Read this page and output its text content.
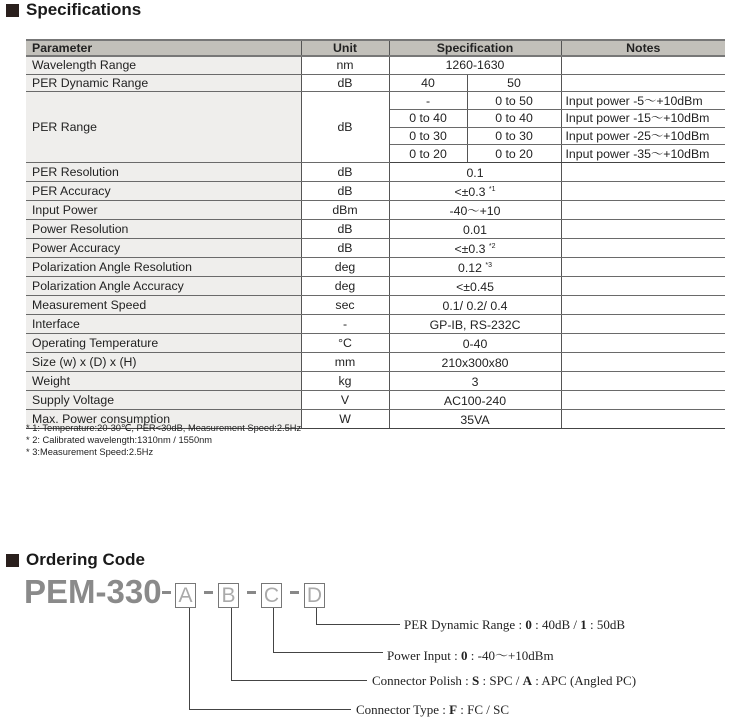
Specifications
Parameter	Unit	Specification		Notes
Wavelength Range	nm	1260-1630		
PER Dynamic Range	dB	40	50	
PER Range	dB	-	0 to 50	Input power -5～+10dBm
		0 to 40	0 to 40	Input power -15～+10dBm
		0 to 30	0 to 30	Input power -25～+10dBm
		0 to 20	0 to 20	Input power -35～+10dBm
PER Resolution	dB	0.1		
PER Accuracy	dB	<±0.3 $^{*1}$	
Input Power	dBm	-40～+10		
Power Resolution	dB	0.01		
Power Accuracy	dB	<±0.3 $^{*2}$	
Polarization Angle Resolution	deg	0.12 $^{*3}$	
Polarization Angle Accuracy	deg	<±0.45		
Measurement Speed	sec	0.1/ 0.2/ 0.4		
Interface	-	GP-IB, RS-232C		
Operating Temperature	°C	0-40		
Size (w) x (D) x (H)	mm	210x300x80		
Weight	kg	3		
Supply Voltage	V	AC100-240		
Max. Power consumption	W	35VA		
* 1: Temperature:20-30℃, PER<30dB, Measurement Speed:2.5Hz
* 2: Calibrated wavelength:1310nm / 1550nm
* 3:Measurement Speed:2.5Hz
Ordering Code
PEM-330 A B C D
PER Dynamic Range : 0 : 40dB / 1 : 50dB
Power Input : 0 : -40～+10dBm
Connector Polish : S : SPC / A : APC (Angled PC)
Connector Type : F : FC / SC
